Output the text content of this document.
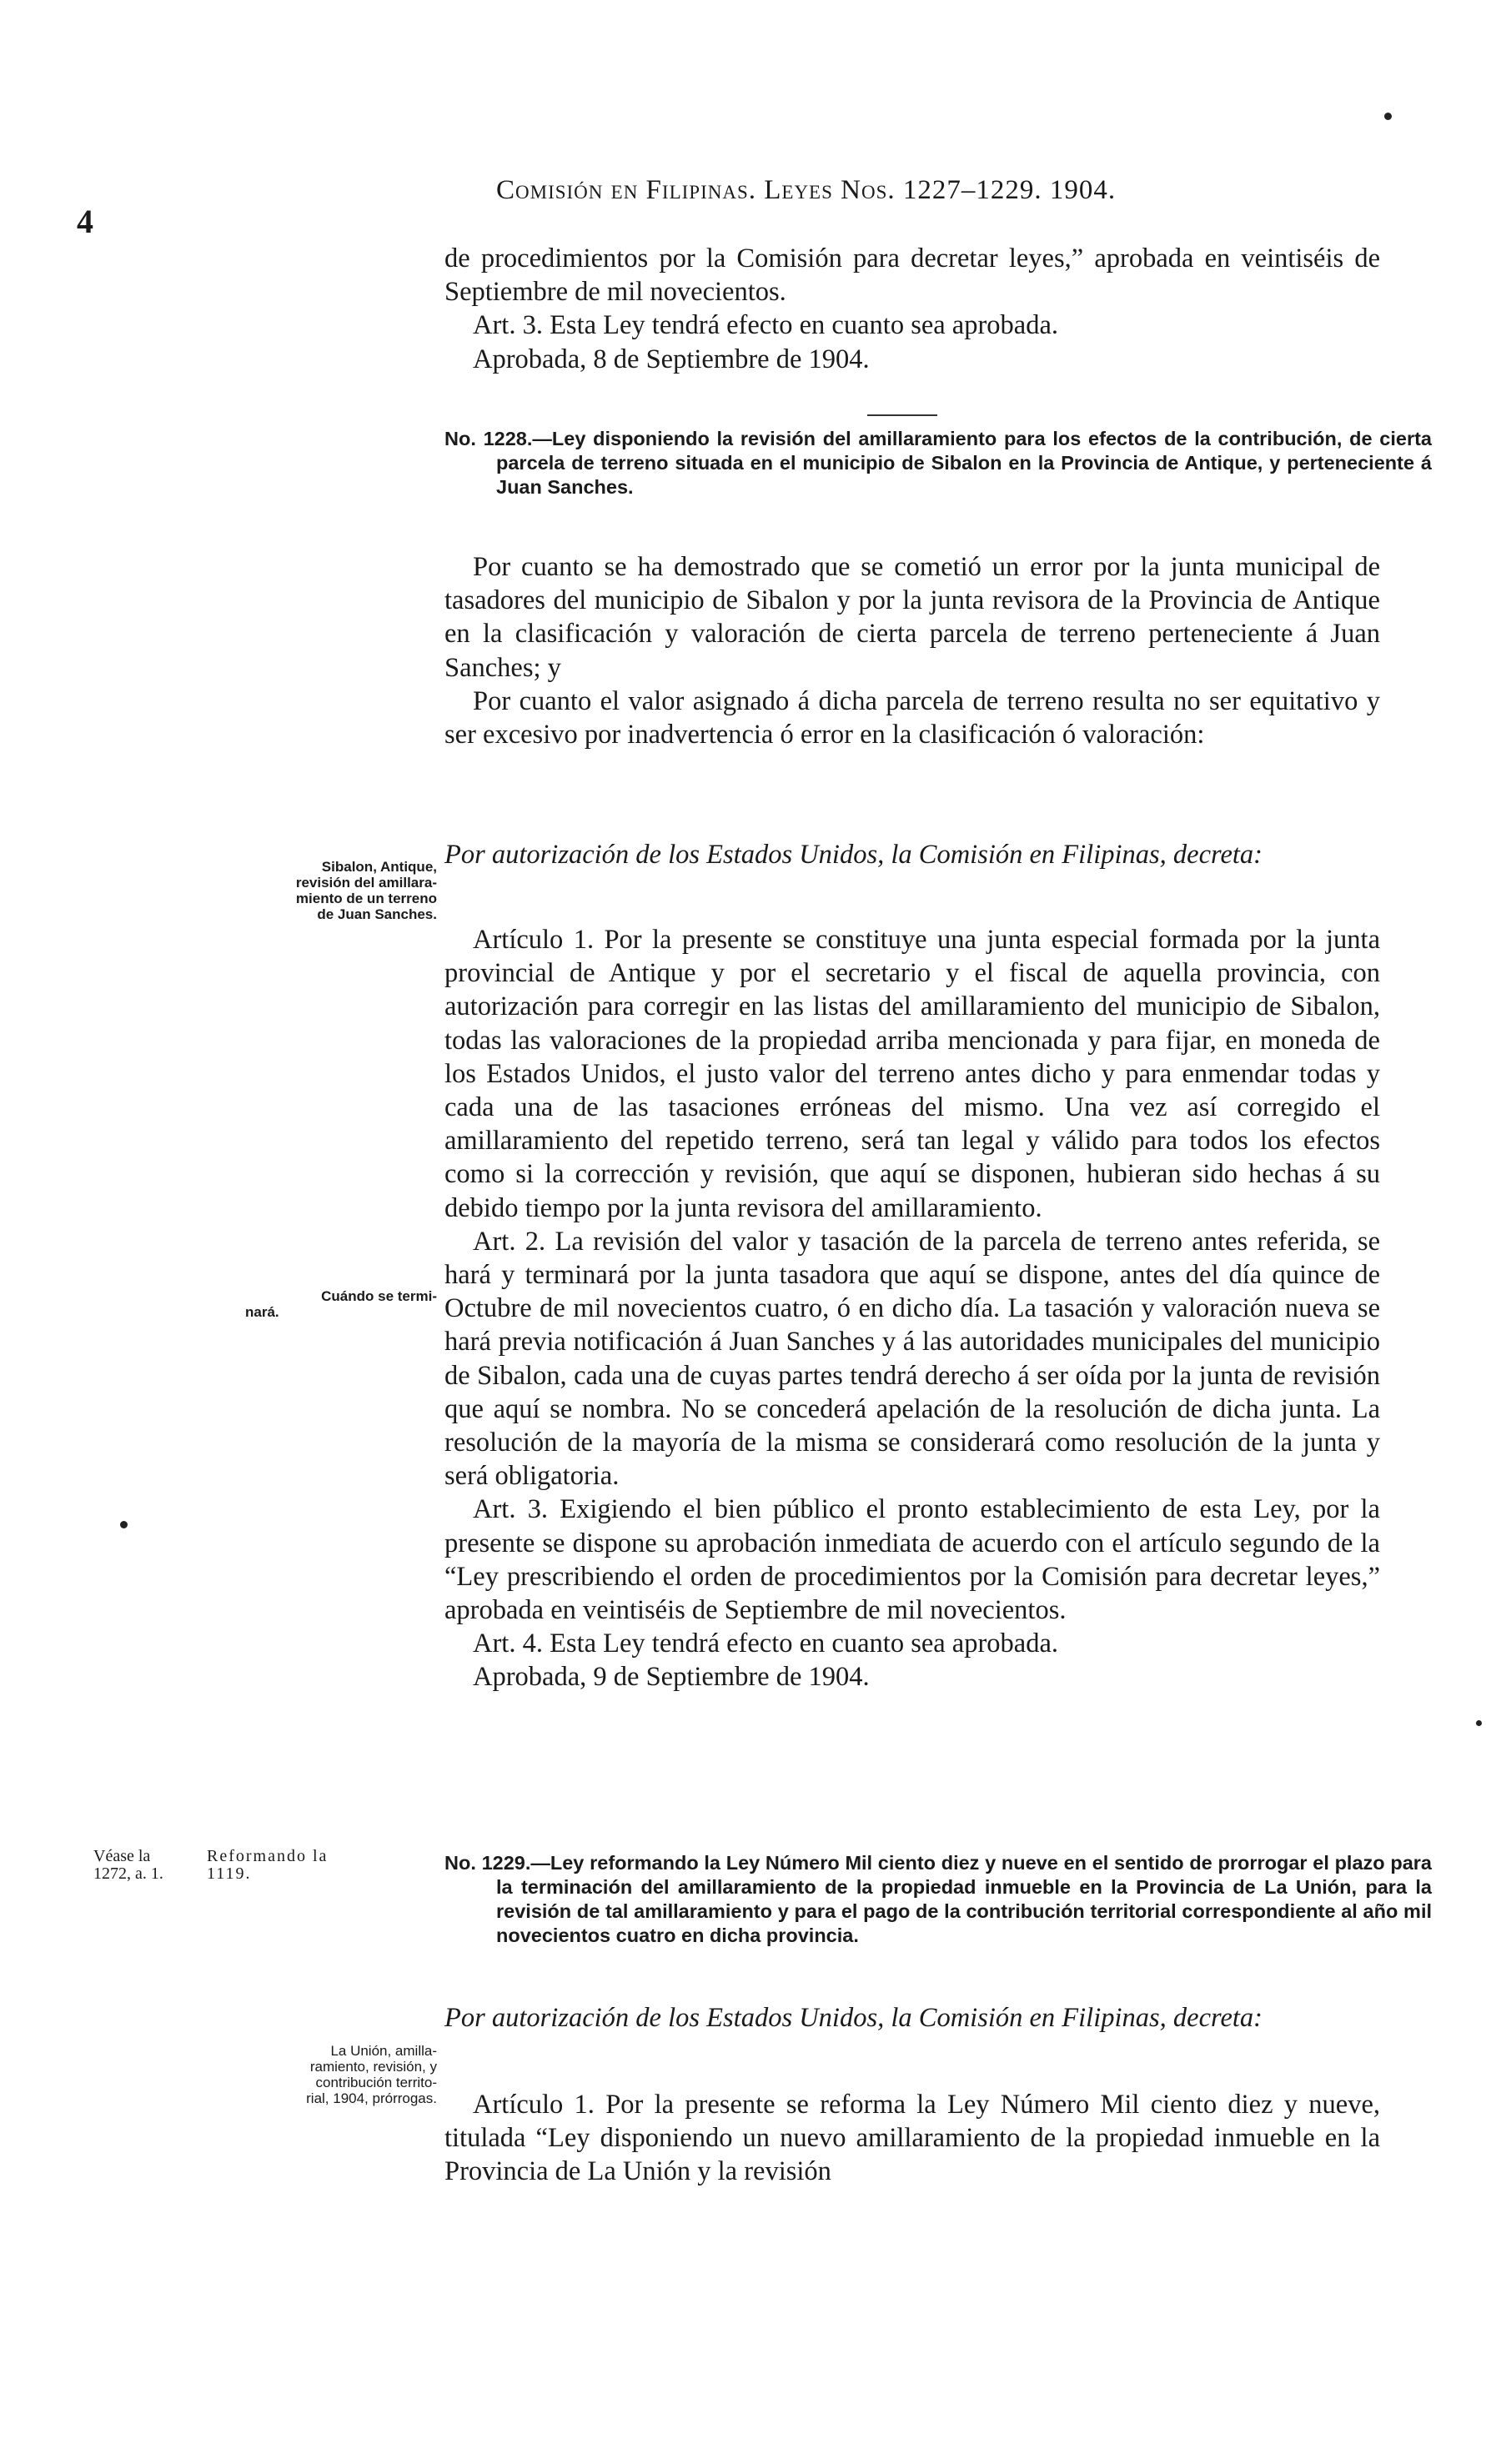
4
Comisión en Filipinas. Leyes Nos. 1227–1229. 1904.

de procedimientos por la Comisión para decretar leyes,” aprobada en veintiséis de Septiembre de mil novecientos.

Art. 3. Esta Ley tendrá efecto en cuanto sea aprobada.

Aprobada, 8 de Septiembre de 1904.

No. 1228.—Ley disponiendo la revisión del amillaramiento para los efectos de la contribución, de cierta parcela de terreno situada en el municipio de Sibalon en la Provincia de Antique, y perteneciente á Juan Sanches.

Por cuanto se ha demostrado que se cometió un error por la junta municipal de tasadores del municipio de Sibalon y por la junta revisora de la Provincia de Antique en la clasificación y valoración de cierta parcela de terreno perteneciente á Juan Sanches; y

Por cuanto el valor asignado á dicha parcela de terreno resulta no ser equitativo y ser excesivo por inadvertencia ó error en la clasificación ó valoración:

Por autorización de los Estados Unidos, la Comisión en Filipinas, decreta:

Artículo 1. Por la presente se constituye una junta especial formada por la junta provincial de Antique y por el secretario y el fiscal de aquella provincia, con autorización para corregir en las listas del amillaramiento del municipio de Sibalon, todas las valoraciones de la propiedad arriba mencionada y para fijar, en moneda de los Estados Unidos, el justo valor del terreno antes dicho y para enmendar todas y cada una de las tasaciones erróneas del mismo. Una vez así corregido el amillaramiento del repetido terreno, será tan legal y válido para todos los efectos como si la corrección y revisión, que aquí se disponen, hubieran sido hechas á su debido tiempo por la junta revisora del amillaramiento.

Art. 2. La revisión del valor y tasación de la parcela de terreno antes referida, se hará y terminará por la junta tasadora que aquí se dispone, antes del día quince de Octubre de mil novecientos cuatro, ó en dicho día. La tasación y valoración nueva se hará previa notificación á Juan Sanches y á las autoridades municipales del municipio de Sibalon, cada una de cuyas partes tendrá derecho á ser oída por la junta de revisión que aquí se nombra. No se concederá apelación de la resolución de dicha junta. La resolución de la mayoría de la misma se considerará como resolución de la junta y será obligatoria.

Art. 3. Exigiendo el bien público el pronto establecimiento de esta Ley, por la presente se dispone su aprobación inmediata de acuerdo con el artículo segundo de la “Ley prescribiendo el orden de procedimientos por la Comisión para decretar leyes,” aprobada en veintiséis de Septiembre de mil novecientos.

Art. 4. Esta Ley tendrá efecto en cuanto sea aprobada.

Aprobada, 9 de Septiembre de 1904.

No. 1229.—Ley reformando la Ley Número Mil ciento diez y nueve en el sentido de prorrogar el plazo para la terminación del amillaramiento de la propiedad inmueble en la Provincia de La Unión, para la revisión de tal amillaramiento y para el pago de la contribución territorial correspondiente al año mil novecientos cuatro en dicha provincia.
Por autorización de los Estados Unidos, la Comisión en Filipinas, decreta:

Artículo 1. Por la presente se reforma la Ley Número Mil ciento diez y nueve, titulada “Ley disponiendo un nuevo amillaramiento de la propiedad inmueble en la Provincia de La Unión y la revisión

Sibalon, Antique,
revisión del amillara-
miento de un terreno
de Juan Sanches.
Cuándo se termi-
nará.
Véase la
1272, a. 1.
Reformando la
1119.
La Unión, amilla-
ramiento, revisión, y
contribución territo-
rial, 1904, prórrogas.
